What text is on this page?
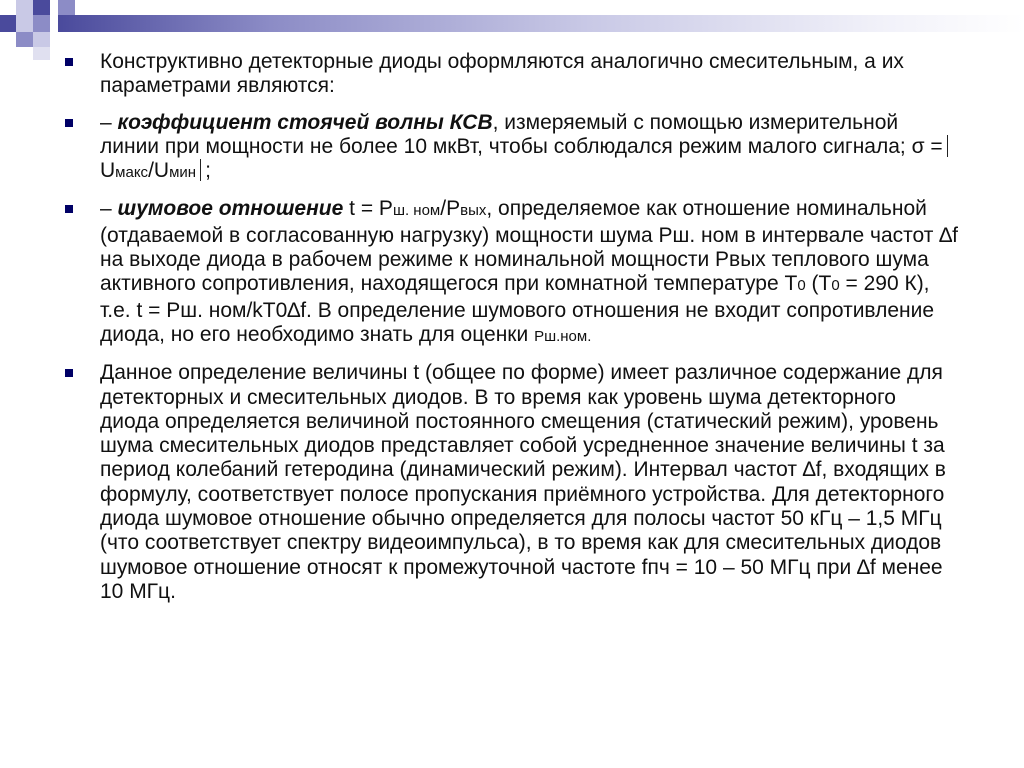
Конструктивно детекторные диоды оформляются аналогично смесительным, а их параметрами являются:
– коэффициент стоячей волны КСВ, измеряемый с помощью измерительной линии при мощности не более 10 мкВт, чтобы соблюдался режим малого сигнала; σ =Uмакс/Uмин ;
– шумовое отношение t = Pш. ном/Pвых, определяемое как отношение номинальной (отдаваемой в согласованную нагрузку) мощности шума Pш. ном в интервале частот ∆f на выходе диода в рабочем режиме к номинальной мощности Pвых теплового шума активного сопротивления, находящегося при комнатной температуре T0 (T0 = 290 К), т.е. t = Pш. ном/kT0∆f. В определение шумового отношения не входит сопротивление диода, но его необходимо знать для оценки Pш.ном.
Данное определение величины t (общее по форме) имеет различное содержание для детекторных и смесительных диодов. В то время как уровень шума детекторного диода определяется величиной постоянного смещения (статический режим), уровень шума смесительных диодов представляет собой усредненное значение величины t за период колебаний гетеродина (динамический режим). Интервал частот ∆f, входящих в формулу, соответствует полосе пропускания приёмного устройства. Для детекторного диода шумовое отношение обычно определяется для полосы частот 50 кГц – 1,5 МГц (что соответствует спектру видеоимпульса), в то время как для смесительных диодов шумовое отношение относят к промежуточной частоте fпч = 10 – 50 МГц при ∆f менее 10 МГц.
